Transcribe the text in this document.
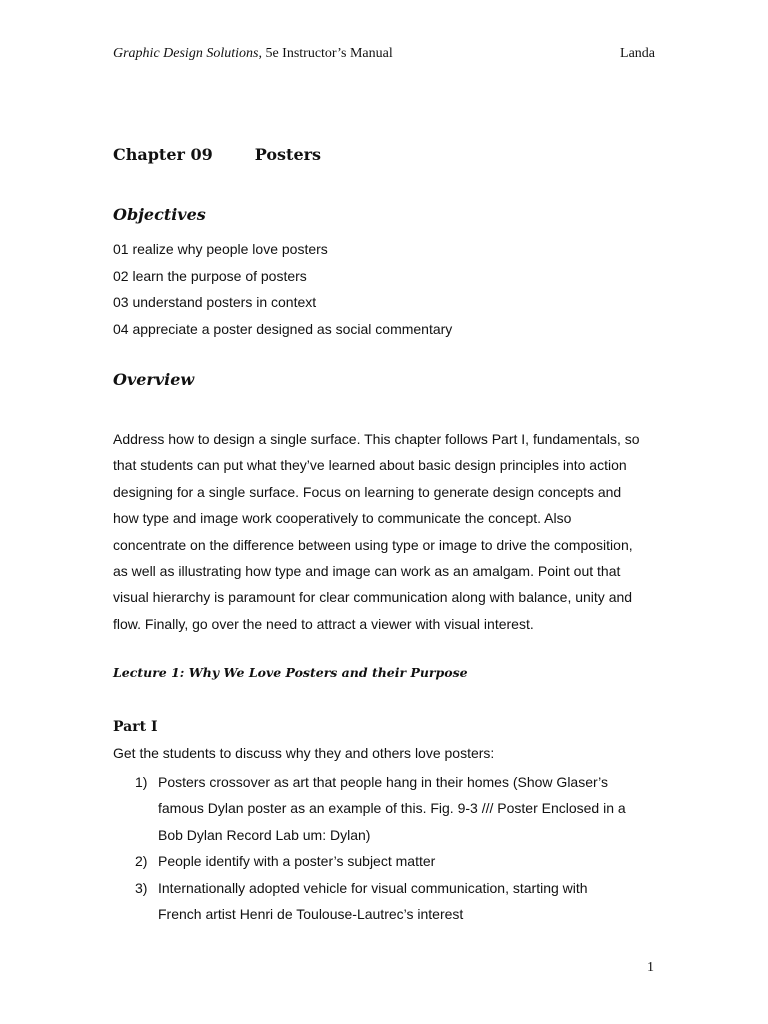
Graphic Design Solutions, 5e Instructor’s Manual	Landa
Chapter 09	Posters
Objectives
01 realize why people love posters
02 learn the purpose of posters
03 understand posters in context
04 appreciate a poster designed as social commentary
Overview
Address how to design a single surface. This chapter follows Part I, fundamentals, so
that students can put what they’ve learned about basic design principles into action
designing for a single surface. Focus on learning to generate design concepts and
how type and image work cooperatively to communicate the concept. Also
concentrate on the difference between using type or image to drive the composition,
as well as illustrating how type and image can work as an amalgam. Point out that
visual hierarchy is paramount for clear communication along with balance, unity and
flow. Finally, go over the need to attract a viewer with visual interest.
Lecture 1: Why We Love Posters and their Purpose
Part I

Get the students to discuss why they and others love posters:

1) Posters crossover as art that people hang in their homes (Show Glaser’s
famous Dylan poster as an example of this. Fig. 9-3 /// Poster Enclosed in a
Bob Dylan Record Lab um: Dylan)
2) People identify with a poster’s subject matter
3) Internationally adopted vehicle for visual communication, starting with
French artist Henri de Toulouse-Lautrec’s interest
1
